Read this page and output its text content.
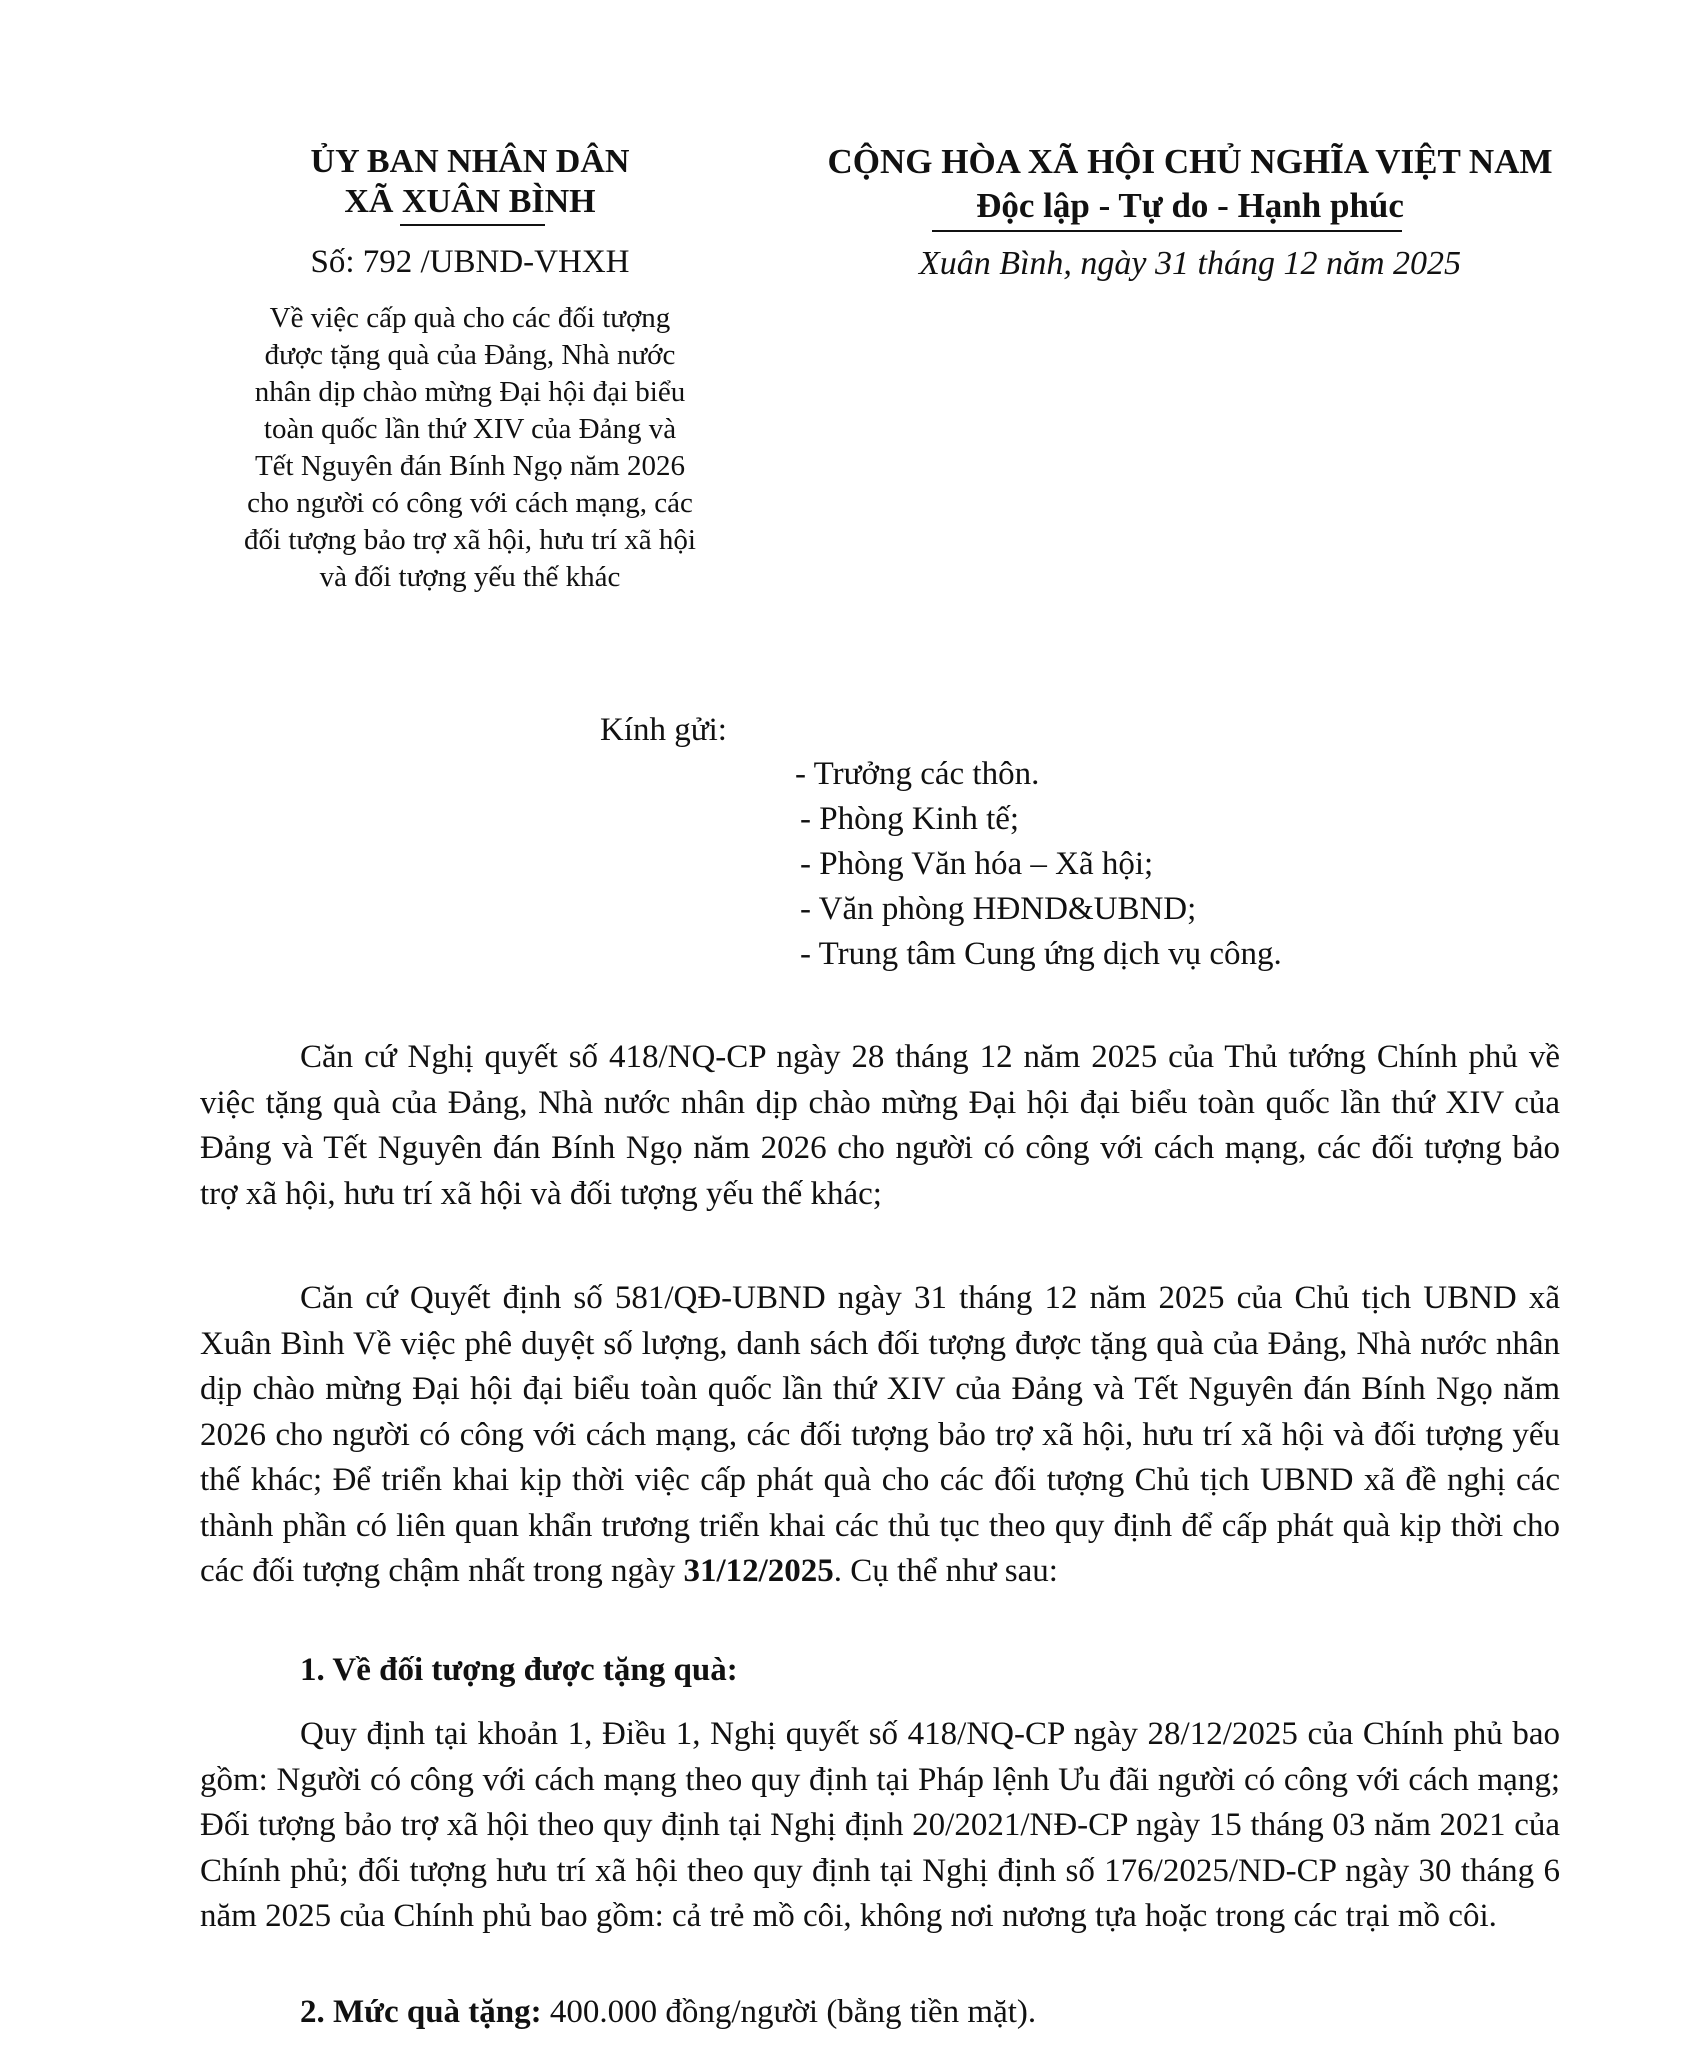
ỦY BAN NHÂN DÂN
XÃ XUÂN BÌNH
Số: 792 /UBND-VHXH
Về việc cấp quà cho các đối tượng
được tặng quà của Đảng, Nhà nước
nhân dịp chào mừng Đại hội đại biểu
toàn quốc lần thứ XIV của Đảng và
Tết Nguyên đán Bính Ngọ năm 2026
cho người có công với cách mạng, các
đối tượng bảo trợ xã hội, hưu trí xã hội
và đối tượng yếu thế khác
CỘNG HÒA XÃ HỘI CHỦ NGHĨA VIỆT NAM
Độc lập - Tự do - Hạnh phúc
Xuân Bình, ngày 31 tháng 12 năm 2025
Kính gửi:
- Trưởng các thôn.
- Phòng Kinh tế;
- Phòng Văn hóa – Xã hội;
- Văn phòng HĐND&UBND;
- Trung tâm Cung ứng dịch vụ công.

Căn cứ Nghị quyết số 418/NQ-CP ngày 28 tháng 12 năm 2025 của Thủ tướng Chính phủ về việc tặng quà của Đảng, Nhà nước nhân dịp chào mừng Đại hội đại biểu toàn quốc lần thứ XIV của Đảng và Tết Nguyên đán Bính Ngọ năm 2026 cho người có công với cách mạng, các đối tượng bảo trợ xã hội, hưu trí xã hội và đối tượng yếu thế khác;

Căn cứ Quyết định số 581/QĐ-UBND ngày 31 tháng 12 năm 2025 của Chủ tịch UBND xã Xuân Bình Về việc phê duyệt số lượng, danh sách đối tượng được tặng quà của Đảng, Nhà nước nhân dịp chào mừng Đại hội đại biểu toàn quốc lần thứ XIV của Đảng và Tết Nguyên đán Bính Ngọ năm 2026 cho người có công với cách mạng, các đối tượng bảo trợ xã hội, hưu trí xã hội và đối tượng yếu thế khác; Để triển khai kịp thời việc cấp phát quà cho các đối tượng Chủ tịch UBND xã đề nghị các thành phần có liên quan khẩn trương triển khai các thủ tục theo quy định để cấp phát quà kịp thời cho các đối tượng chậm nhất trong ngày 31/12/2025. Cụ thể như sau:

1. Về đối tượng được tặng quà:

Quy định tại khoản 1, Điều 1, Nghị quyết số 418/NQ-CP ngày 28/12/2025 của Chính phủ bao gồm: Người có công với cách mạng theo quy định tại Pháp lệnh Ưu đãi người có công với cách mạng; Đối tượng bảo trợ xã hội theo quy định tại Nghị định 20/2021/NĐ-CP ngày 15 tháng 03 năm 2021 của Chính phủ; đối tượng hưu trí xã hội theo quy định tại Nghị định số 176/2025/ND-CP ngày 30 tháng 6 năm 2025 của Chính phủ bao gồm: cả trẻ mồ côi, không nơi nương tựa hoặc trong các trại mồ côi.

2. Mức quà tặng: 400.000 đồng/người (bằng tiền mặt).
